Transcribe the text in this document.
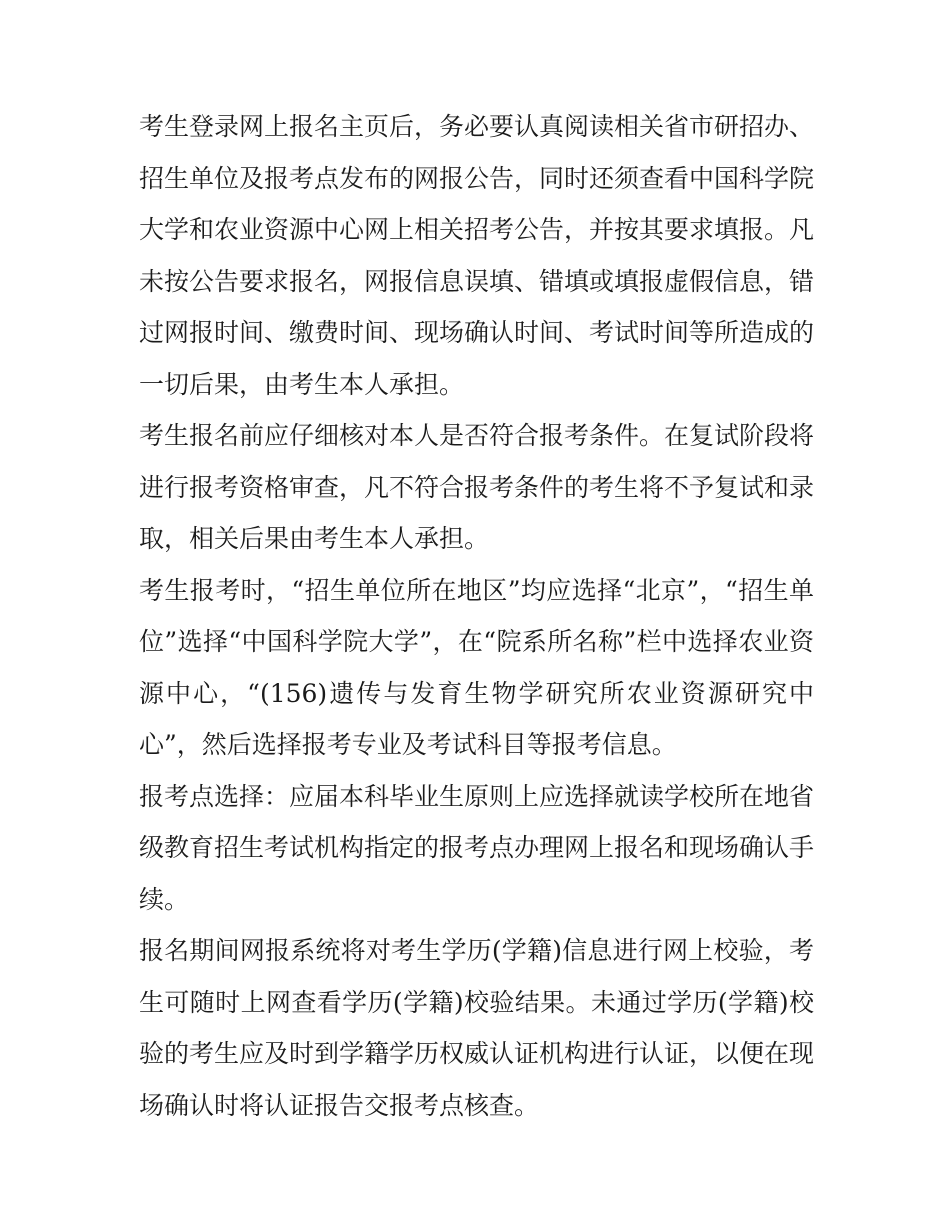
考生登录网上报名主页后，务必要认真阅读相关省市研招办、招生单位及报考点发布的网报公告，同时还须查看中国科学院大学和农业资源中心网上相关招考公告，并按其要求填报。凡未按公告要求报名，网报信息误填、错填或填报虚假信息，错过网报时间、缴费时间、现场确认时间、考试时间等所造成的一切后果，由考生本人承担。

考生报名前应仔细核对本人是否符合报考条件。在复试阶段将进行报考资格审查，凡不符合报考条件的考生将不予复试和录取，相关后果由考生本人承担。

考生报考时，“招生单位所在地区”均应选择“北京”，“招生单位”选择“中国科学院大学”，在“院系所名称”栏中选择农业资源中心，“(156)遗传与发育生物学研究所农业资源研究中心”，然后选择报考专业及考试科目等报考信息。

报考点选择：应届本科毕业生原则上应选择就读学校所在地省级教育招生考试机构指定的报考点办理网上报名和现场确认手续。

报名期间网报系统将对考生学历(学籍)信息进行网上校验，考生可随时上网查看学历(学籍)校验结果。未通过学历(学籍)校验的考生应及时到学籍学历权威认证机构进行认证，以便在现场确认时将认证报告交报考点核查。
